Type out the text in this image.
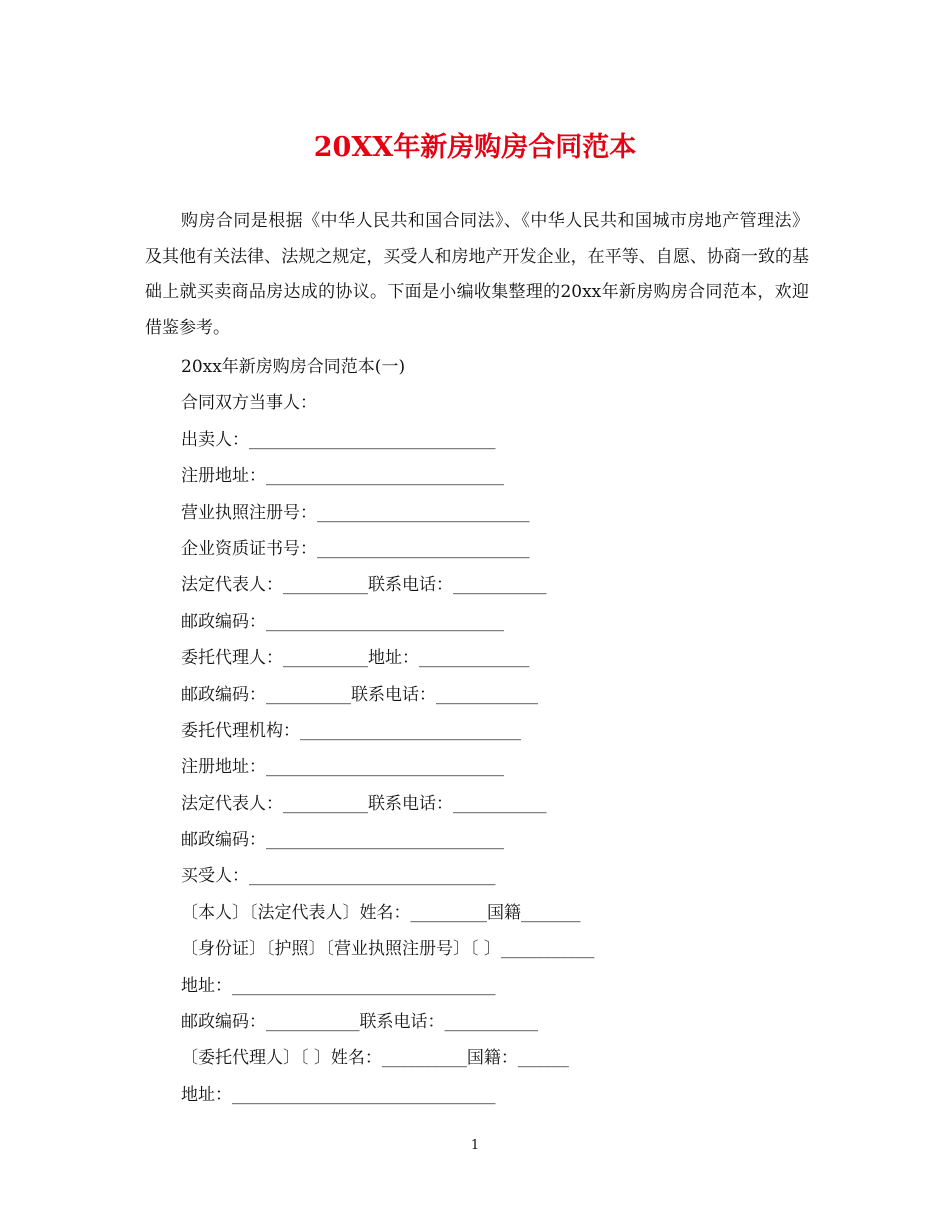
20XX年新房购房合同范本

购房合同是根据《中华人民共和国合同法》、《中华人民共和国城市房地产管理法》及其他有关法律、法规之规定，买受人和房地产开发企业，在平等、自愿、协商一致的基础上就买卖商品房达成的协议。下面是小编收集整理的20xx年新房购房合同范本，欢迎借鉴参考。

20xx年新房购房合同范本(一)
合同双方当事人：
出卖人：_____________________________
注册地址：____________________________
营业执照注册号：_________________________
企业资质证书号：_________________________
法定代表人：__________联系电话：___________
邮政编码：____________________________
委托代理人：__________地址：_____________
邮政编码：__________联系电话：____________
委托代理机构：__________________________
注册地址：____________________________
法定代表人：__________联系电话：___________
邮政编码：____________________________
买受人：_____________________________
〔本人〕〔法定代表人〕姓名：_________国籍_______
〔身份证〕〔护照〕〔营业执照注册号〕〔 〕___________
地址：_______________________________
邮政编码：___________联系电话：___________
〔委托代理人〕〔 〕姓名：__________国籍：______
地址：_______________________________
1
